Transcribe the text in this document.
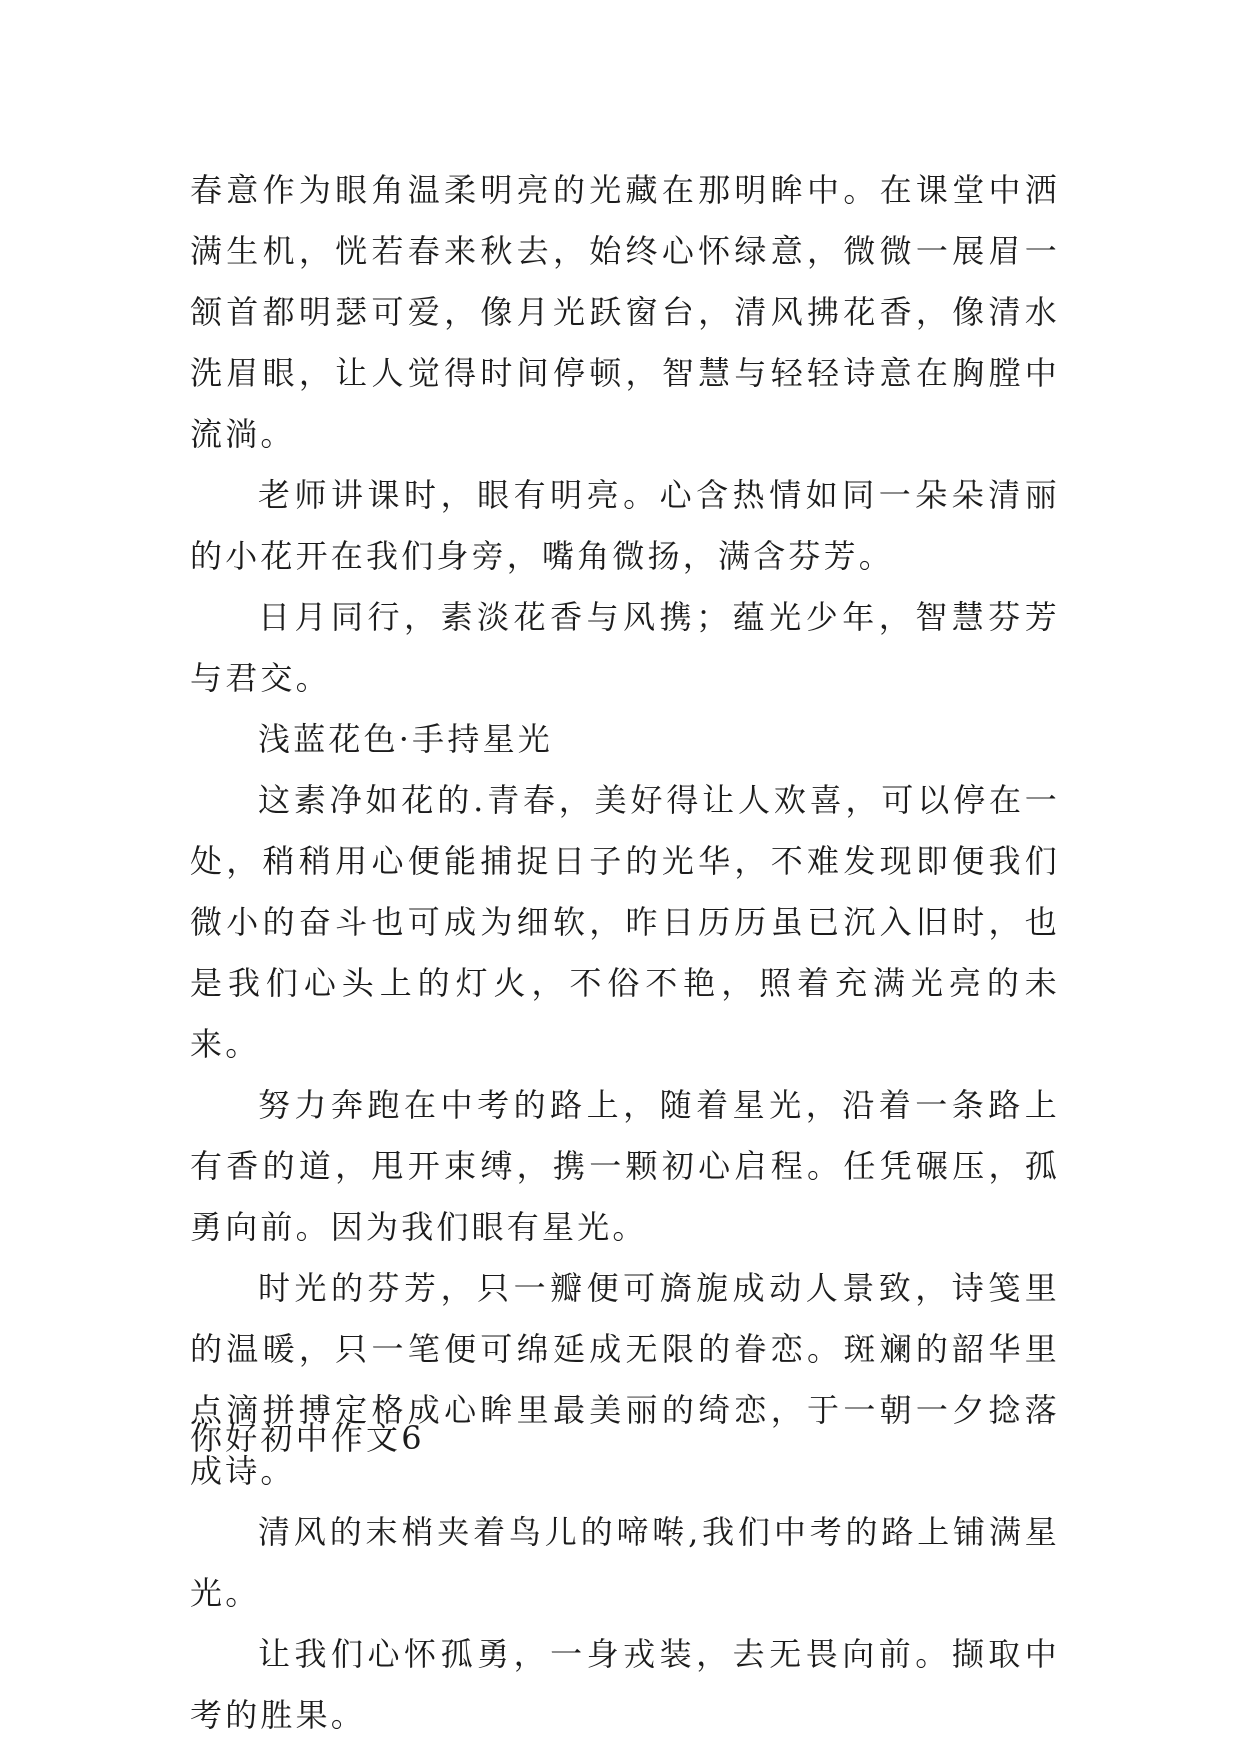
春意作为眼角温柔明亮的光藏在那明眸中。在课堂中洒满生机，恍若春来秋去，始终心怀绿意，微微一展眉一颔首都明瑟可爱，像月光跃窗台，清风拂花香，像清水洗眉眼，让人觉得时间停顿，智慧与轻轻诗意在胸膛中流淌。

老师讲课时，眼有明亮。心含热情如同一朵朵清丽的小花开在我们身旁，嘴角微扬，满含芬芳。

日月同行，素淡花香与风携；蕴光少年，智慧芬芳与君交。

浅蓝花色·手持星光

这素净如花的.青春，美好得让人欢喜，可以停在一处，稍稍用心便能捕捉日子的光华，不难发现即便我们微小的奋斗也可成为细软，昨日历历虽已沉入旧时，也是我们心头上的灯火，不俗不艳，照着充满光亮的未来。

努力奔跑在中考的路上，随着星光，沿着一条路上有香的道，甩开束缚，携一颗初心启程。任凭碾压，孤勇向前。因为我们眼有星光。

时光的芬芳，只一瓣便可旖旎成动人景致，诗笺里的温暖，只一笔便可绵延成无限的眷恋。斑斓的韶华里点滴拼搏定格成心眸里最美丽的绮恋，于一朝一夕捻落成诗。

清风的末梢夹着鸟儿的啼啭,我们中考的路上铺满星光。

让我们心怀孤勇，一身戎装，去无畏向前。撷取中考的胜果。

你好初中作文6
